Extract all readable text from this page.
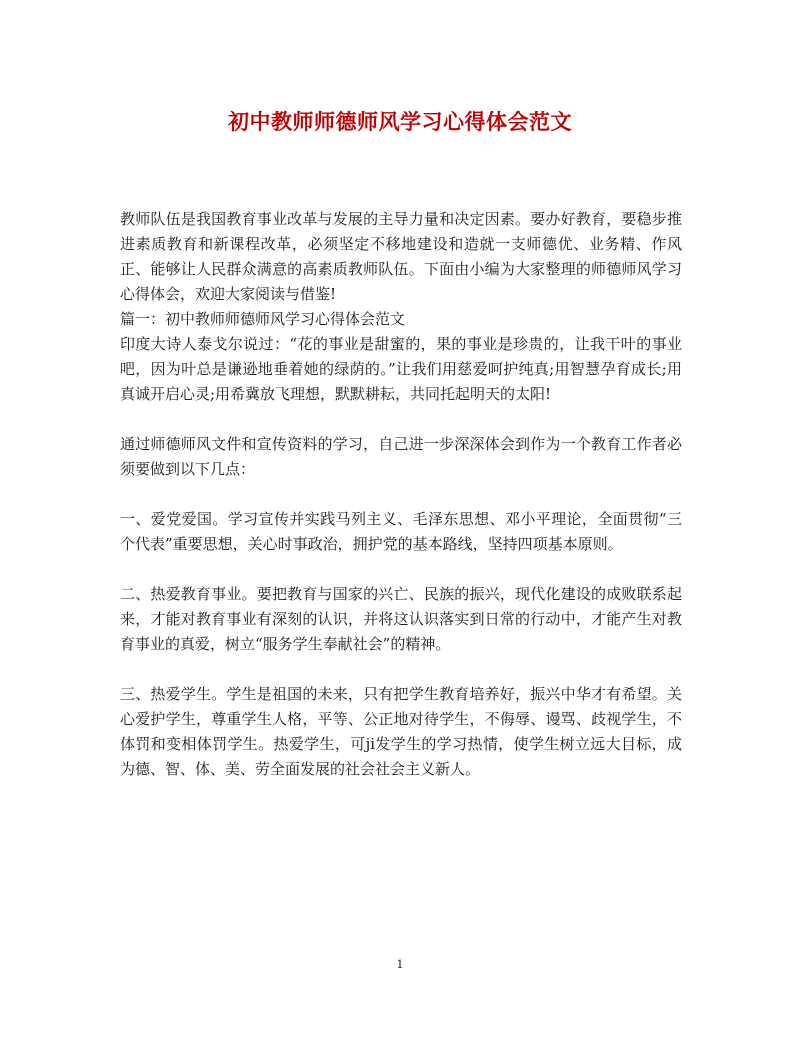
初中教师师德师风学习心得体会范文

教师队伍是我国教育事业改革与发展的主导力量和决定因素。要办好教育，要稳步推进素质教育和新课程改革，必须坚定不移地建设和造就一支师德优、业务精、作风正、能够让人民群众满意的高素质教师队伍。下面由小编为大家整理的师德师风学习心得体会，欢迎大家阅读与借鉴!

篇一：初中教师师德师风学习心得体会范文

印度大诗人泰戈尔说过：“花的事业是甜蜜的，果的事业是珍贵的，让我干叶的事业吧，因为叶总是谦逊地垂着她的绿荫的。”让我们用慈爱呵护纯真;用智慧孕育成长;用真诚开启心灵;用希冀放飞理想，默默耕耘，共同托起明天的太阳!

通过师德师风文件和宣传资料的学习，自己进一步深深体会到作为一个教育工作者必须要做到以下几点：

一、爱党爱国。学习宣传并实践马列主义、毛泽东思想、邓小平理论，全面贯彻“三个代表”重要思想，关心时事政治，拥护党的基本路线，坚持四项基本原则。

二、热爱教育事业。要把教育与国家的兴亡、民族的振兴，现代化建设的成败联系起来，才能对教育事业有深刻的认识，并将这认识落实到日常的行动中，才能产生对教育事业的真爱，树立“服务学生奉献社会”的精神。

三、热爱学生。学生是祖国的未来，只有把学生教育培养好，振兴中华才有希望。关心爱护学生，尊重学生人格，平等、公正地对待学生，不侮辱、谩骂、歧视学生，不体罚和变相体罚学生。热爱学生，可ji发学生的学习热情，使学生树立远大目标，成为德、智、体、美、劳全面发展的社会社会主义新人。

1
